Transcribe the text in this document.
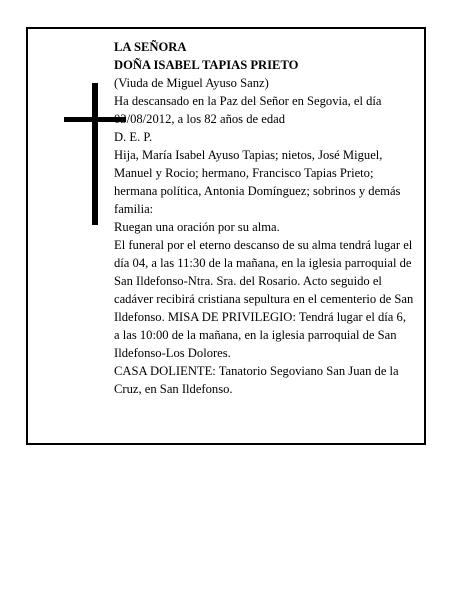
LA SEÑORA

DOÑA ISABEL TAPIAS PRIETO

(Viuda de Miguel Ayuso Sanz)

Ha descansado en la Paz del Señor en Segovia, el día 03/08/2012, a los 82 años de edad

D. E. P.

Hija, María Isabel Ayuso Tapias; nietos, José Miguel, Manuel y Rocio; hermano, Francisco Tapias Prieto; hermana política, Antonia Domínguez; sobrinos y demás familia:

Ruegan una oración por su alma.

El funeral por el eterno descanso de su alma tendrá lugar el día 04, a las 11:30 de la mañana, en la iglesia parroquial de San Ildefonso-Ntra. Sra. del Rosario. Acto seguido el cadáver recibirá cristiana sepultura en el cementerio de San Ildefonso. MISA DE PRIVILEGIO: Tendrá lugar el día 6, a las 10:00 de la mañana, en la iglesia parroquial de San Ildefonso-Los Dolores.

CASA DOLIENTE: Tanatorio Segoviano San Juan de la Cruz, en San Ildefonso.
